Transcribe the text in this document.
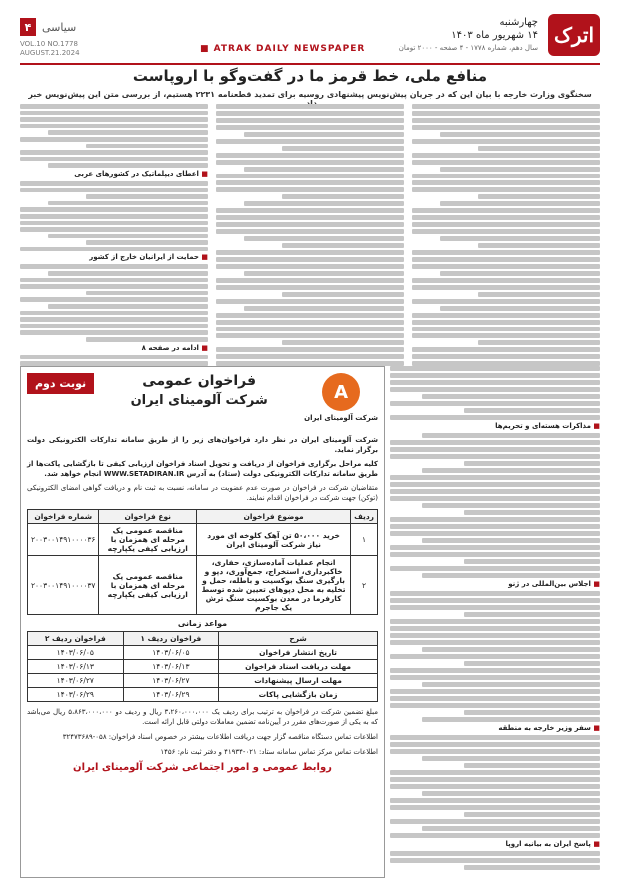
اترک
چهارشنبه
۱۴ شهریور ماه ۱۴۰۳
سال دهم، شماره ۱۷۷۸ - ۴ صفحه - ۲۰۰۰ تومان
۴ سیاسی
VOL.10 NO.1778
AUGUST.21.2024	■ ATRAK DAILY NEWSPAPER
منافع ملی، خط قرمز ما در گفت‌وگو با اروپاست
سخنگوی وزارت خارجه با بیان این که در جریان پیش‌نویس پیشنهادی روسیه برای تمدید قطعنامه ۲۲۳۱ هستیم، از بررسی متن این پیش‌نویس خبر
■ اعطای دیپلماتیک در کشورهای عربی
■ حمایت از ایرانیان خارج از کشور
■ ادامه در صفحه ۸
■ مذاکرات هسته‌ای و تحریم‌ها
■ اجلاس بین‌المللی در ژنو
■ سفر وزیر خارجه به منطقه
■ پاسخ ایران به بیانیه اروپا
A
شرکت آلومینای ایران
فراخوان عمومی
شرکت آلومینای ایران
نوبت دوم
شرکت آلومینای ایران در نظر دارد فراخوان‌های زیر را از طریق سامانه تدارکات الکترونیکی دولت برگزار نماید.
کلیه مراحل برگزاری فراخوان از دریافت و تحویل اسناد فراخوان ارزیابی کیفی تا بازگشایی پاکت‌ها از طریق سامانه تدارکات الکترونیکی دولت (ستاد) به آدرس WWW.SETADIRAN.IR انجام خواهد شد.
متقاضیان شرکت در فراخوان در صورت عدم عضویت در سامانه، نسبت به ثبت نام و دریافت گواهی امضای الکترونیکی (توکن) جهت شرکت در فراخوان اقدام نمایند.
ردیف	موضوع فراخوان	نوع فراخوان	شماره فراخوان
۱	خرید ۵۰،۰۰۰ تن آهک کلوخه ای مورد نیاز شرکت آلومینای ایران	مناقصه عمومی یک مرحله ای همزمان با ارزیابی کیفی یکپارچه	۲۰۰۳۰۰۱۴۹۱۰۰۰۰۳۶
۲	انجام عملیات آماده‌سازی، حفاری، خاکبرداری، استخراج، جمع‌آوری، دپو و بارگیری سنگ بوکسیت و باطله، حمل و تخلیه به محل دپوهای تعیین شده توسط کارفرما در معدن بوکسیت سنگ ترش یک جاجرم	مناقصه عمومی یک مرحله ای همزمان با ارزیابی کیفی یکپارچه	۲۰۰۳۰۰۱۴۹۱۰۰۰۰۳۷
مواعد زمانی
شرح	فراخوان ردیف ۱	فراخوان ردیف ۲
تاریخ انتشار فراخوان	۱۴۰۳/۰۶/۰۵	۱۴۰۳/۰۶/۰۵
مهلت دریافت اسناد فراخوان	۱۴۰۳/۰۶/۱۳	۱۴۰۳/۰۶/۱۳
مهلت ارسال پیشنهادات	۱۴۰۳/۰۶/۲۷	۱۴۰۳/۰۶/۲۷
زمان بازگشایی پاکات	۱۴۰۳/۰۶/۲۹	۱۴۰۳/۰۶/۲۹
مبلغ تضمین شرکت در فراخوان به ترتیب برای ردیف یک ۳،۲۶۰،۰۰۰،۰۰۰ ریال و ردیف دو ۵،۸۶۳،۰۰۰،۰۰۰ ریال می‌باشد که به یکی از صورت‌های مقرر در آیین‌نامه تضمین معاملات دولتی قابل ارائه است.
اطلاعات تماس دستگاه مناقصه گزار جهت دریافت اطلاعات بیشتر در خصوص اسناد فراخوان: ۰۵۸-۳۲۴۷۳۶۸۹
اطلاعات تماس مرکز تماس سامانه ستاد: ۰۲۱-۴۱۹۳۴ و دفتر ثبت نام: ۱۴۵۶
روابط عمومی و امور اجتماعی شرکت آلومینای ایران
